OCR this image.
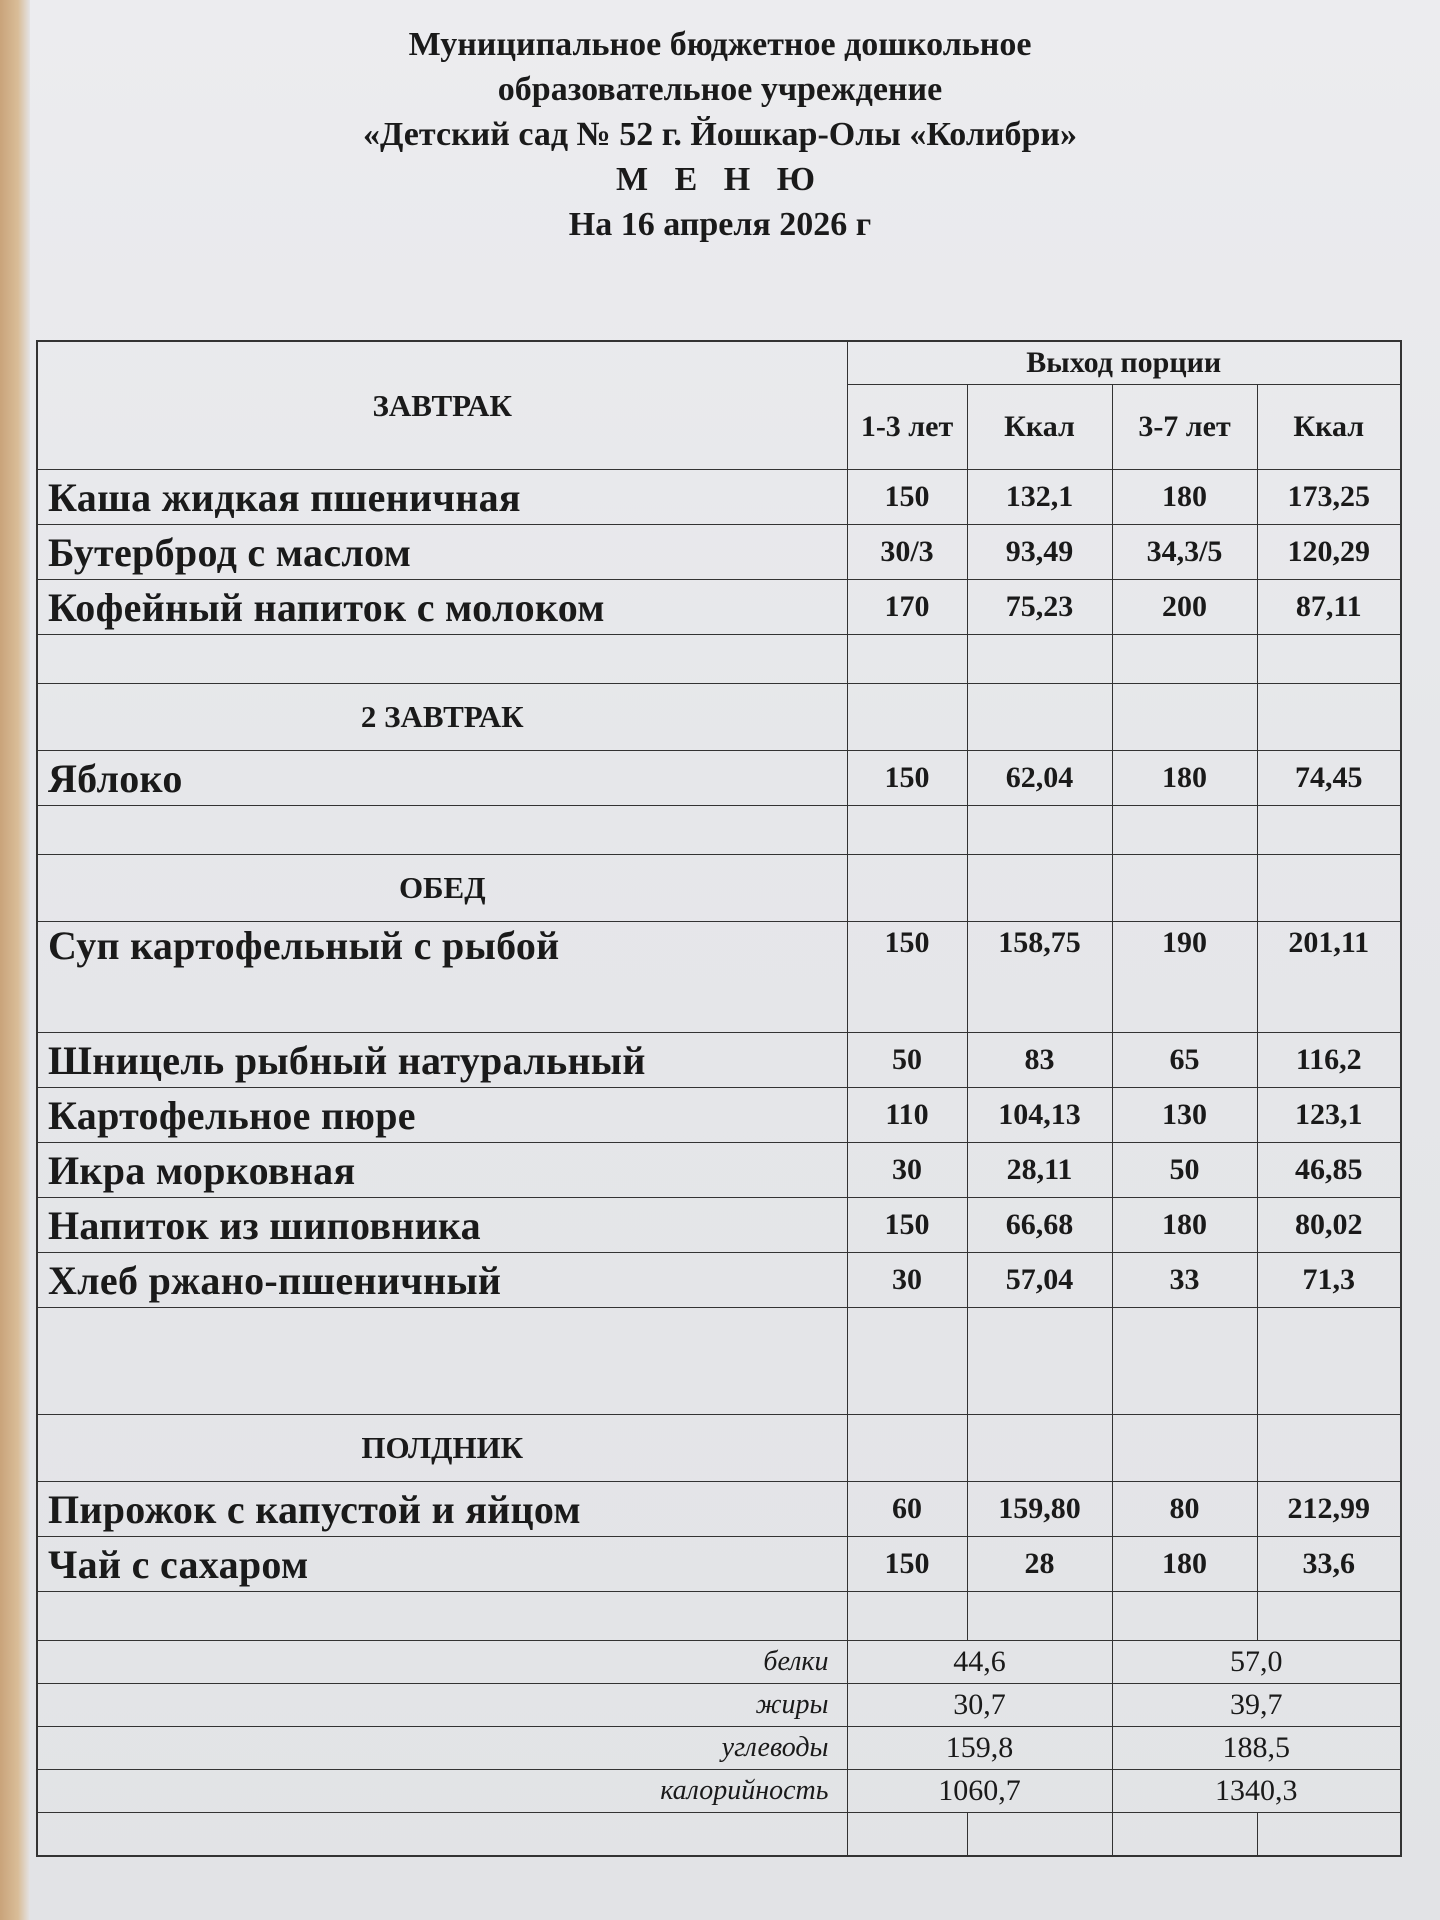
Муниципальное бюджетное дошкольное
образовательное учреждение
«Детский сад № 52 г. Йошкар-Олы «Колибри»
М Е Н Ю
На 16 апреля 2026 г
ЗАВТРАК	Выход порции			
	1-3 лет	Ккал	3-7 лет	Ккал
Каша жидкая пшеничная	150	132,1	180	173,25
Бутерброд с маслом	30/3	93,49	34,3/5	120,29
Кофейный напиток с молоком	170	75,23	200	87,11

2 ЗАВТРАК				
Яблоко	150	62,04	180	74,45

ОБЕД				
Суп картофельный с рыбой	150	158,75	190	201,11
Шницель рыбный натуральный	50	83	65	116,2
Картофельное пюре	110	104,13	130	123,1
Икра морковная	30	28,11	50	46,85
Напиток из шиповника	150	66,68	180	80,02
Хлеб ржано-пшеничный	30	57,04	33	71,3

ПОЛДНИК				
Пирожок с капустой и яйцом	60	159,80	80	212,99
Чай с сахаром	150	28	180	33,6

белки	44,6		57,0	
жиры	30,7		39,7	
углеводы	159,8		188,5	
калорийность	1060,7		1340,3	
